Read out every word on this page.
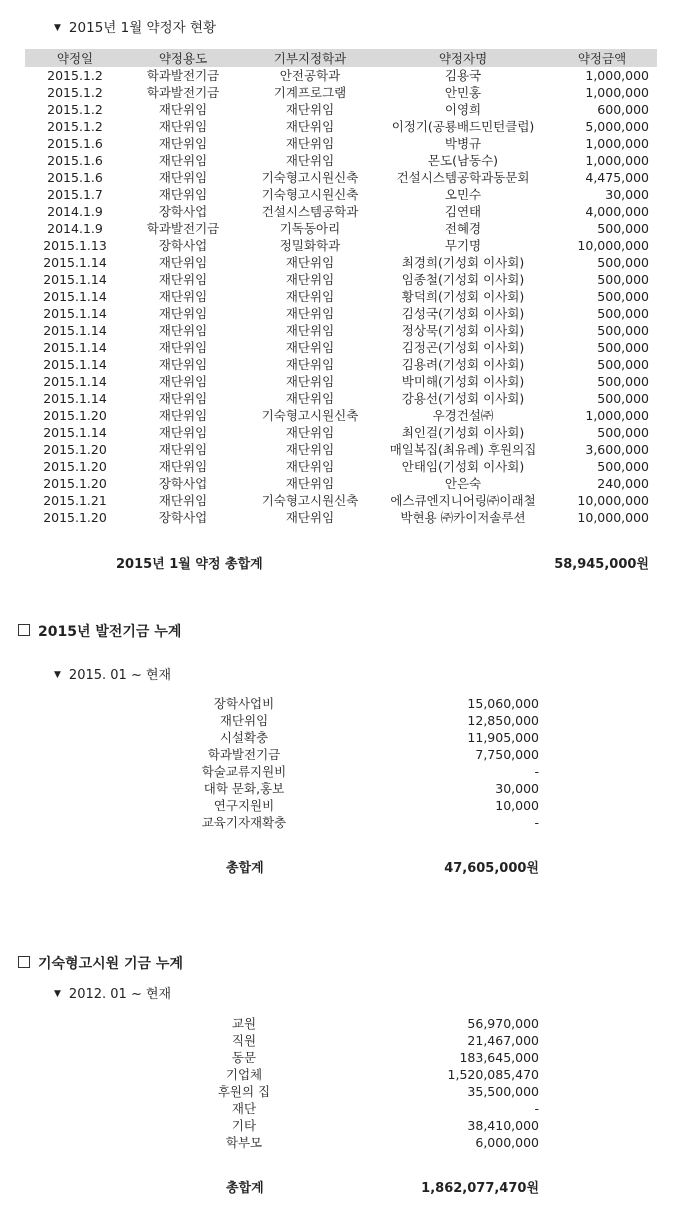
▼ 2015년 1월 약정자 현황
약정일	약정용도	기부지정학과	약정자명	약정금액
2015.1.2	학과발전기금	안전공학과	김용국	1,000,000
2015.1.2	학과발전기금	기계프로그램	안민홍	1,000,000
2015.1.2	재단위임	재단위임	이영희	600,000
2015.1.2	재단위임	재단위임	이정기(공룡배드민턴클럽)	5,000,000
2015.1.6	재단위임	재단위임	박병규	1,000,000
2015.1.6	재단위임	재단위임	몬도(남동수)	1,000,000
2015.1.6	재단위임	기숙형고시원신축	건설시스템공학과동문회	4,475,000
2015.1.7	재단위임	기숙형고시원신축	오민수	30,000
2014.1.9	장학사업	건설시스템공학과	김연태	4,000,000
2014.1.9	학과발전기금	기독동아리	전혜경	500,000
2015.1.13	장학사업	정밀화학과	무기명	10,000,000
2015.1.14	재단위임	재단위임	최경희(기성회 이사회)	500,000
2015.1.14	재단위임	재단위임	임종철(기성회 이사회)	500,000
2015.1.14	재단위임	재단위임	황덕희(기성회 이사회)	500,000
2015.1.14	재단위임	재단위임	김성국(기성회 이사회)	500,000
2015.1.14	재단위임	재단위임	정상묵(기성회 이사회)	500,000
2015.1.14	재단위임	재단위임	김정곤(기성회 이사회)	500,000
2015.1.14	재단위임	재단위임	김용려(기성회 이사회)	500,000
2015.1.14	재단위임	재단위임	박미해(기성회 이사회)	500,000
2015.1.14	재단위임	재단위임	강용선(기성회 이사회)	500,000
2015.1.20	재단위임	기숙형고시원신축	우경건설㈜	1,000,000
2015.1.14	재단위임	재단위임	최인걸(기성회 이사회)	500,000
2015.1.20	재단위임	재단위임	매일복집(최유례) 후원의집	3,600,000
2015.1.20	재단위임	재단위임	안태임(기성회 이사회)	500,000
2015.1.20	장학사업	재단위임	안은숙	240,000
2015.1.21	재단위임	기숙형고시원신축	에스큐엔지니어링㈜이래철	10,000,000
2015.1.20	장학사업	재단위임	박현용 ㈜카이저솔루션	10,000,000
2015년 1월 약정 총합계	58,945,000원
2015년 발전기금 누계
▼ 2015. 01 ~ 현재
장학사업비	15,060,000
재단위임	12,850,000
시설확충	11,905,000
학과발전기금	7,750,000
학술교류지원비	-
대학 문화,홍보	30,000
연구지원비	10,000
교육기자재확충	-
총합계	47,605,000원
기숙형고시원 기금 누계
▼ 2012. 01 ~ 현재
교원	56,970,000
직원	21,467,000
동문	183,645,000
기업체	1,520,085,470
후원의 집	35,500,000
재단	-
기타	38,410,000
학부모	6,000,000
총합계	1,862,077,470원
